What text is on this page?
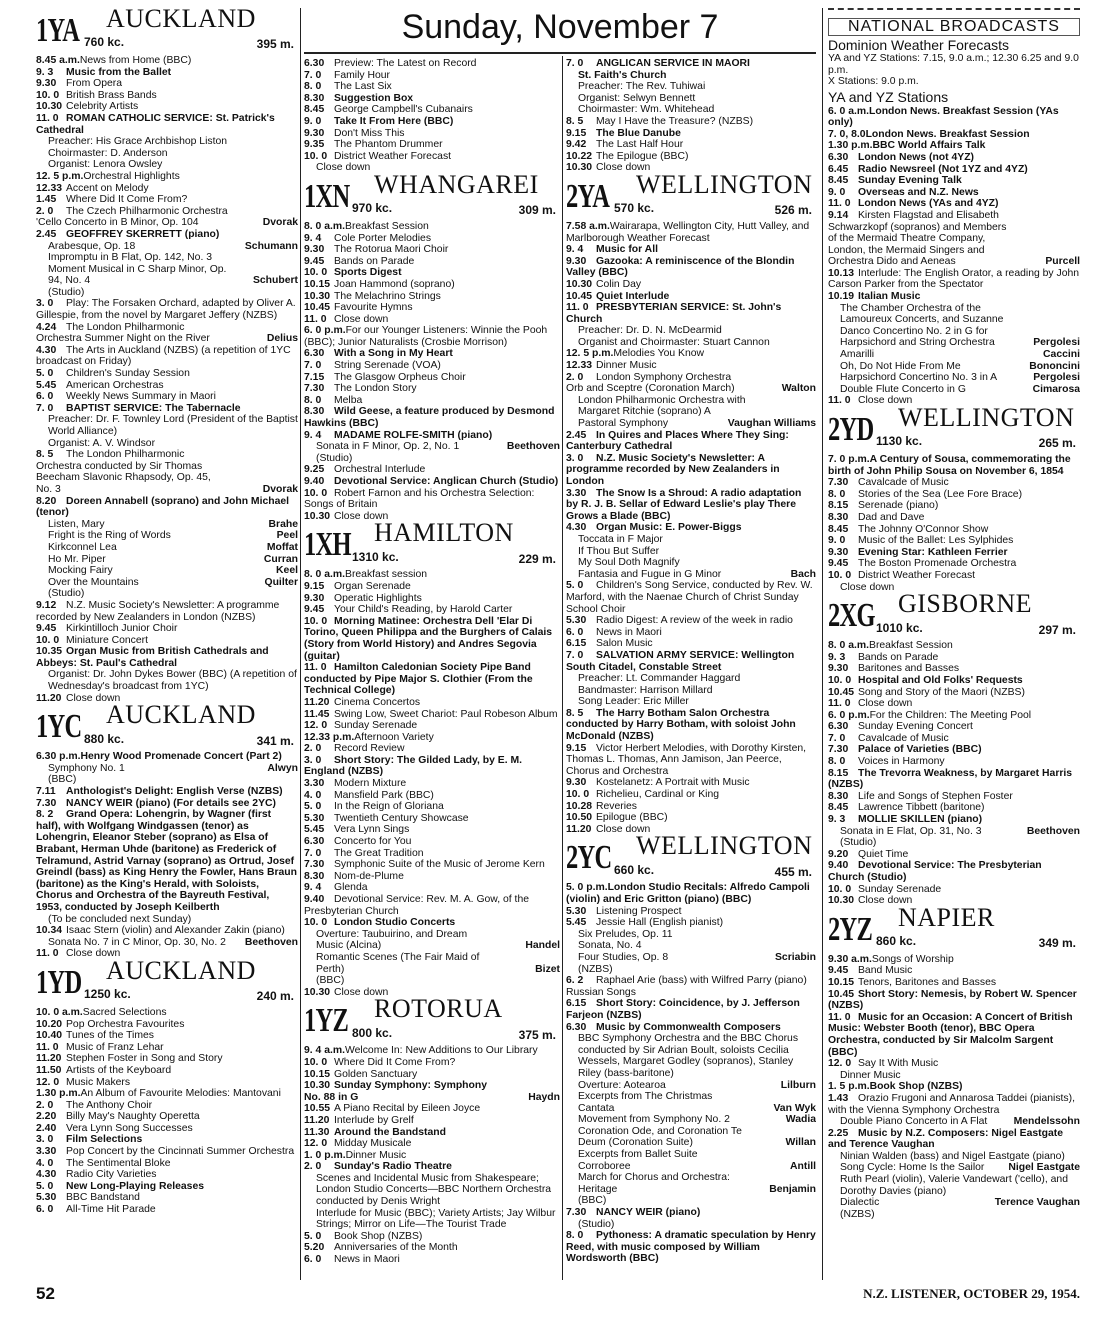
Sunday, November 7
1YA 760 kc.
AUCKLAND
395 m.
8.45 a.m.News from Home (BBC)
9. 3Music from the Ballet
9.30From Opera
10. 0British Brass Bands
10.30Celebrity Artists
11. 0ROMAN CATHOLIC SERVICE: St. Patrick's Cathedral
Preacher: His Grace Archbishop Liston
Choirmaster: D. Anderson
Organist: Lenora Owsley
12. 5 p.m.Orchestral Highlights
12.33Accent on Melody
1.45Where Did It Come From?
2. 0The Czech Philharmonic Orchestra 'Cello Concerto in B Minor, Op. 104	Dvorak
2.45GEOFFREY SKERRETT (piano)
Arabesque, Op. 18	Schumann
Impromptu in B Flat, Op. 142, No. 3
Moment Musical in C Sharp Minor, Op. 94, No. 4	Schubert
(Studio)
3. 0Play: The Forsaken Orchard, adapted by Oliver A. Gillespie, from the novel by Margaret Jeffery (NZBS)
4.24The London Philharmonic Orchestra Summer Night on the River	Delius
4.30The Arts in Auckland (NZBS) (a repetition of 1YC broadcast on Friday)
5. 0Children's Sunday Session
5.45American Orchestras
6. 0Weekly News Summary in Maori
7. 0BAPTIST SERVICE: The Tabernacle
Preacher: Dr. F. Townley Lord (President of the Baptist World Alliance)
Organist: A. V. Windsor
8. 5The London Philharmonic Orchestra conducted by Sir Thomas Beecham Slavonic Rhapsody, Op. 45, No. 3	Dvorak
8.20Doreen Annabell (soprano) and John Michael (tenor)
Listen, Mary	Brahe
Fright is the Ring of Words	Peel
Kirkconnel Lea	Moffat
Ho Mr. Piper	Curran
Mocking Fairy	Keel
Over the Mountains	Quilter
(Studio)
9.12N.Z. Music Society's Newsletter: A programme recorded by New Zealanders in London (NZBS)
9.45Kirkintilloch Junior Choir
10. 0Miniature Concert
10.35Organ Music from British Cathedrals and Abbeys: St. Paul's Cathedral
Organist: Dr. John Dykes Bower (BBC) (A repetition of Wednesday's broadcast from 1YC)
11.20Close down
1YC 880 kc.
AUCKLAND
341 m.
6.30 p.m.Henry Wood Promenade Concert (Part 2)
Symphony No. 1	Alwyn
(BBC)
7.11Anthologist's Delight: English Verse (NZBS)
7.30NANCY WEIR (piano) (For details see 2YC)
8. 2Grand Opera: Lohengrin, by Wagner (first half), with Wolfgang Windgassen (tenor) as Lohengrin, Eleanor Steber (soprano) as Elsa of Brabant, Herman Uhde (baritone) as Frederick of Telramund, Astrid Varnay (soprano) as Ortrud, Josef Greindl (bass) as King Henry the Fowler, Hans Braun (baritone) as the King's Herald, with Soloists, Chorus and Orchestra of the Bayreuth Festival, 1953, conducted by Joseph Keilberth
(To be concluded next Sunday)
10.34Isaac Stern (violin) and Alexander Zakin (piano)
Sonata No. 7 in C Minor, Op. 30, No. 2	Beethoven
11. 0Close down
1YD 1250 kc.
AUCKLAND
240 m.
10. 0 a.m.Sacred Selections
10.20Pop Orchestra Favourites
10.40Tunes of the Times
11. 0Music of Franz Lehar
11.20Stephen Foster in Song and Story
11.50Artists of the Keyboard
12. 0Music Makers
1.30 p.m.An Album of Favourite Melodies: Mantovani
2. 0The Anthony Choir
2.20Billy May's Naughty Operetta
2.40Vera Lynn Song Successes
3. 0Film Selections
3.30Pop Concert by the Cincinnati Summer Orchestra
4. 0The Sentimental Bloke
4.30Radio City Varieties
5. 0New Long-Playing Releases
5.30BBC Bandstand
6. 0All-Time Hit Parade
6.30Preview: The Latest on Record
7. 0Family Hour
8. 0The Last Six
8.30Suggestion Box
8.45George Campbell's Cubanairs
9. 0Take It From Here (BBC)
9.30Don't Miss This
9.35The Phantom Drummer
10. 0District Weather Forecast
Close down
1XN 970 kc.
WHANGAREI
309 m.
8. 0 a.m.Breakfast Session
9. 4Cole Porter Melodies
9.30The Rotorua Maori Choir
9.45Bands on Parade
10. 0Sports Digest
10.15Joan Hammond (soprano)
10.30The Melachrino Strings
10.45Favourite Hymns
11. 0Close down
6. 0 p.m.For our Younger Listeners: Winnie the Pooh (BBC); Junior Naturalists (Crosbie Morrison)
6.30With a Song in My Heart
7. 0String Serenade (VOA)
7.15The Glasgow Orpheus Choir
7.30The London Story
8. 0Melba
8.30Wild Geese, a feature produced by Desmond Hawkins (BBC)
9. 4MADAME ROLFE-SMITH (piano)
Sonata in F Minor, Op. 2, No. 1	Beethoven
(Studio)
9.25Orchestral Interlude
9.40Devotional Service: Anglican Church (Studio)
10. 0Robert Farnon and his Orchestra Selection: Songs of Britain
10.30Close down
1XH 1310 kc.
HAMILTON
229 m.
8. 0 a.m.Breakfast session
9.15Organ Serenade
9.30Operatic Highlights
9.45Your Child's Reading, by Harold Carter
10. 0Morning Matinee: Orchestra Dell 'Elar Di Torino, Queen Philippa and the Burghers of Calais (Story from World History) and Andres Segovia (guitar)
11. 0Hamilton Caledonian Society Pipe Band conducted by Pipe Major S. Clothier (From the Technical College)
11.20Cinema Concertos
11.45Swing Low, Sweet Chariot: Paul Robeson Album
12. 0Sunday Serenade
12.33 p.m.Afternoon Variety
2. 0Record Review
3. 0Short Story: The Gilded Lady, by E. M. England (NZBS)
3.30Modern Mixture
4. 0Mansfield Park (BBC)
5. 0In the Reign of Gloriana
5.30Twentieth Century Showcase
5.45Vera Lynn Sings
6.30Concerto for You
7. 0The Great Tradition
7.30Symphonic Suite of the Music of Jerome Kern
8.30Nom-de-Plume
9. 4Glenda
9.40Devotional Service: Rev. M. A. Gow, of the Presbyterian Church
10. 0London Studio Concerts
Overture: Taubuirino, and Dream Music (Alcina)	Handel
Romantic Scenes (The Fair Maid of Perth)	Bizet
(BBC)
10.30Close down
1YZ 800 kc.
ROTORUA
375 m.
9. 4 a.m.Welcome In: New Additions to Our Library
10. 0Where Did It Come From?
10.15Golden Sanctuary
10.30Sunday Symphony: Symphony No. 88 in G	Haydn
10.55A Piano Recital by Eileen Joyce
11.20Interlude by Grelf
11.30Around the Bandstand
12. 0Midday Musicale
1. 0 p.m.Dinner Music
2. 0Sunday's Radio Theatre
Scenes and Incidental Music from Shakespeare; London Studio Concerts—BBC Northern Orchestra conducted by Denis Wright
Interlude for Music (BBC); Variety Artists; Jay Wilbur Strings; Mirror on Life—The Tourist Trade
5. 0Book Shop (NZBS)
5.20Anniversaries of the Month
6. 0News in Maori
7. 0ANGLICAN SERVICE IN MAORI
St. Faith's Church
Preacher: The Rev. Tuhiwai
Organist: Selwyn Bennett
Choirmaster: Wm. Whitehead
8. 5May I Have the Treasure? (NZBS)
9.15The Blue Danube
9.42The Last Half Hour
10.22The Epilogue (BBC)
10.30Close down
2YA 570 kc.
WELLINGTON
526 m.
7.58 a.m.Wairarapa, Wellington City, Hutt Valley, and Marlborough Weather Forecast
9. 4Music for All
9.30Gazooka: A reminiscence of the Blondin Valley (BBC)
10.30Colin Day
10.45Quiet Interlude
11. 0PRESBYTERIAN SERVICE: St. John's Church
Preacher: Dr. D. N. McDearmid
Organist and Choirmaster: Stuart Cannon
12. 5 p.m.Melodies You Know
12.33Dinner Music
2. 0London Symphony Orchestra Orb and Sceptre (Coronation March)	Walton
London Philharmonic Orchestra with Margaret Ritchie (soprano) A Pastoral Symphony	Vaughan Williams
2.45In Quires and Places Where They Sing: Canterbury Cathedral
3. 0N.Z. Music Society's Newsletter: A programme recorded by New Zealanders in London
3.30The Snow Is a Shroud: A radio adaptation by R. J. B. Sellar of Edward Leslie's play There Grows a Blade (BBC)
4.30Organ Music: E. Power-Biggs
Toccata in F Major
If Thou But Suffer
My Soul Doth Magnify
Fantasia and Fugue in G Minor	Bach
5. 0Children's Song Service, conducted by Rev. W. Marford, with the Naenae Church of Christ Sunday School Choir
5.30Radio Digest: A review of the week in radio
6. 0News in Maori
6.15Salon Music
7. 0SALVATION ARMY SERVICE: Wellington South Citadel, Constable Street
Preacher: Lt. Commander Haggard
Bandmaster: Harrison Millard
Song Leader: Eric Miller
8. 5The Harry Botham Salon Orchestra conducted by Harry Botham, with soloist John McDonald (NZBS)
9.15Victor Herbert Melodies, with Dorothy Kirsten, Thomas L. Thomas, Ann Jamison, Jan Peerce, Chorus and Orchestra
9.30Kostelanetz: A Portrait with Music
10. 0Richelieu, Cardinal or King
10.28Reveries
10.50Epilogue (BBC)
11.20Close down
2YC 660 kc.
WELLINGTON
455 m.
5. 0 p.m.London Studio Recitals: Alfredo Campoli (violin) and Eric Gritton (piano) (BBC)
5.30Listening Prospect
5.45Jessie Hall (English pianist)
Six Preludes, Op. 11
Sonata, No. 4
Four Studies, Op. 8	Scriabin
(NZBS)
6. 2Raphael Arie (bass) with Wilfred Parry (piano) Russian Songs
6.15Short Story: Coincidence, by J. Jefferson Farjeon (NZBS)
6.30Music by Commonwealth Composers
BBC Symphony Orchestra and the BBC Chorus conducted by Sir Adrian Boult, soloists Cecilia Wessels, Margaret Godley (sopranos), Stanley Riley (bass-baritone)
Overture: Aotearoa	Lilburn
Excerpts from The Christmas Cantata	Van Wyk
Movement from Symphony No. 2	Wadia
Coronation Ode, and Coronation Te Deum (Coronation Suite)	Willan
Excerpts from Ballet Suite Corroboree	Antill
March for Chorus and Orchestra: Heritage	Benjamin
(BBC)
7.30NANCY WEIR (piano)
(Studio)
8. 0Pythoness: A dramatic speculation by Henry Reed, with music composed by William Wordsworth (BBC)
NATIONAL BROADCASTS
Dominion Weather Forecasts
YA and YZ Stations: 7.15, 9.0 a.m.; 12.30 6.25 and 9.0 p.m.
X Stations: 9.0 p.m.
YA and YZ Stations
6. 0 a.m.London News. Breakfast Session (YAs only)
7. 0, 8.0London News. Breakfast Session
1.30 p.m.BBC World Affairs Talk
6.30London News (not 4YZ)
6.45Radio Newsreel (Not 1YZ and 4YZ)
8.45Sunday Evening Talk
9. 0Overseas and N.Z. News
11. 0London News (YAs and 4YZ)
9.14Kirsten Flagstad and Elisabeth Schwarzkopf (sopranos) and Members of the Mermaid Theatre Company, London, the Mermaid Singers and Orchestra Dido and Aeneas	Purcell
10.13Interlude: The English Orator, a reading by John Carson Parker from the Spectator
10.19Italian Music
The Chamber Orchestra of the Lamoureux Concerts, and Suzanne Danco Concertino No. 2 in G for Harpsichord and String Orchestra	Pergolesi
Amarilli	Caccini
Oh, Do Not Hide From Me	Bononcini
Harpsichord Concertino No. 3 in A	Pergolesi
Double Flute Concerto in G	Cimarosa
11. 0Close down
2YD 1130 kc.
WELLINGTON
265 m.
7. 0 p.m.A Century of Sousa, commemorating the birth of John Philip Sousa on November 6, 1854
7.30Cavalcade of Music
8. 0Stories of the Sea (Lee Fore Brace)
8.15Serenade (piano)
8.30Dad and Dave
8.45The Johnny O'Connor Show
9. 0Music of the Ballet: Les Sylphides
9.30Evening Star: Kathleen Ferrier
9.45The Boston Promenade Orchestra
10. 0District Weather Forecast
Close down
2XG 1010 kc.
GISBORNE
297 m.
8. 0 a.m.Breakfast Session
9. 3Bands on Parade
9.30Baritones and Basses
10. 0Hospital and Old Folks' Requests
10.45Song and Story of the Maori (NZBS)
11. 0Close down
6. 0 p.m.For the Children: The Meeting Pool
6.30Sunday Evening Concert
7. 0Cavalcade of Music
7.30Palace of Varieties (BBC)
8. 0Voices in Harmony
8.15The Trevorra Weakness, by Margaret Harris (NZBS)
8.30Life and Songs of Stephen Foster
8.45Lawrence Tibbett (baritone)
9. 3MOLLIE SKILLEN (piano)
Sonata in E Flat, Op. 31, No. 3	Beethoven
(Studio)
9.20Quiet Time
9.40Devotional Service: The Presbyterian Church (Studio)
10. 0Sunday Serenade
10.30Close down
2YZ 860 kc.
NAPIER
349 m.
9.30 a.m.Songs of Worship
9.45Band Music
10.15Tenors, Baritones and Basses
10.45Short Story: Nemesis, by Robert W. Spencer (NZBS)
11. 0Music for an Occasion: A Concert of British Music: Webster Booth (tenor), BBC Opera Orchestra, conducted by Sir Malcolm Sargent (BBC)
12. 0Say It With Music
Dinner Music
1. 5 p.m.Book Shop (NZBS)
1.43Orazio Frugoni and Annarosa Taddei (pianists), with the Vienna Symphony Orchestra
Double Piano Concerto in A Flat	Mendelssohn
2.25Music by N.Z. Composers: Nigel Eastgate and Terence Vaughan
Ninian Walden (bass) and Nigel Eastgate (piano)
Song Cycle: Home Is the Sailor	Nigel Eastgate
Ruth Pearl (violin), Valerie Vandewart ('cello), and Dorothy Davies (piano)
Dialectic	Terence Vaughan
(NZBS)
52	N.Z. LISTENER, OCTOBER 29, 1954.
